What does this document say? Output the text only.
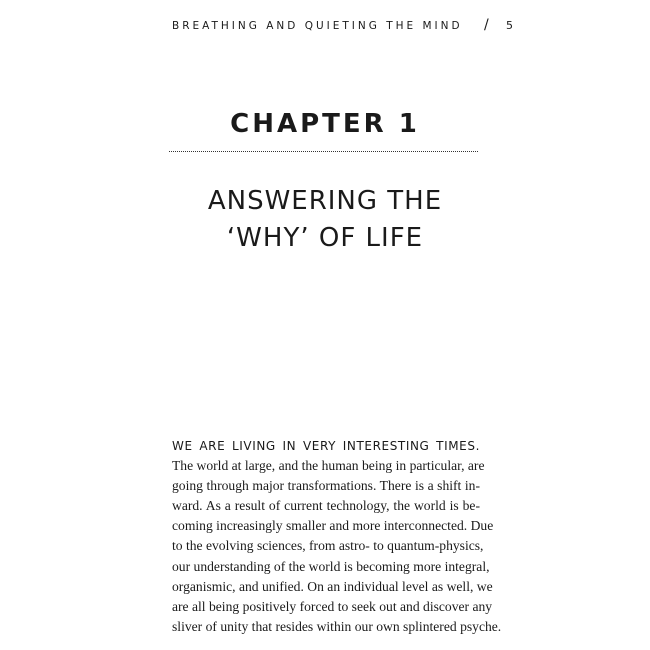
BREATHING AND QUIETING THE MIND / 5
CHAPTER 1
ANSWERING THE
‘WHY’ OF LIFE
WE ARE LIVING IN VERY INTERESTING TIMES.
The world at large, and the human being in particular, are
going through major transformations. There is a shift in-
ward. As a result of current technology, the world is be-
coming increasingly smaller and more interconnected. Due
to the evolving sciences, from astro- to quantum-physics,
our understanding of the world is becoming more integral,
organismic, and unified. On an individual level as well, we
are all being positively forced to seek out and discover any
sliver of unity that resides within our own splintered psyche.
